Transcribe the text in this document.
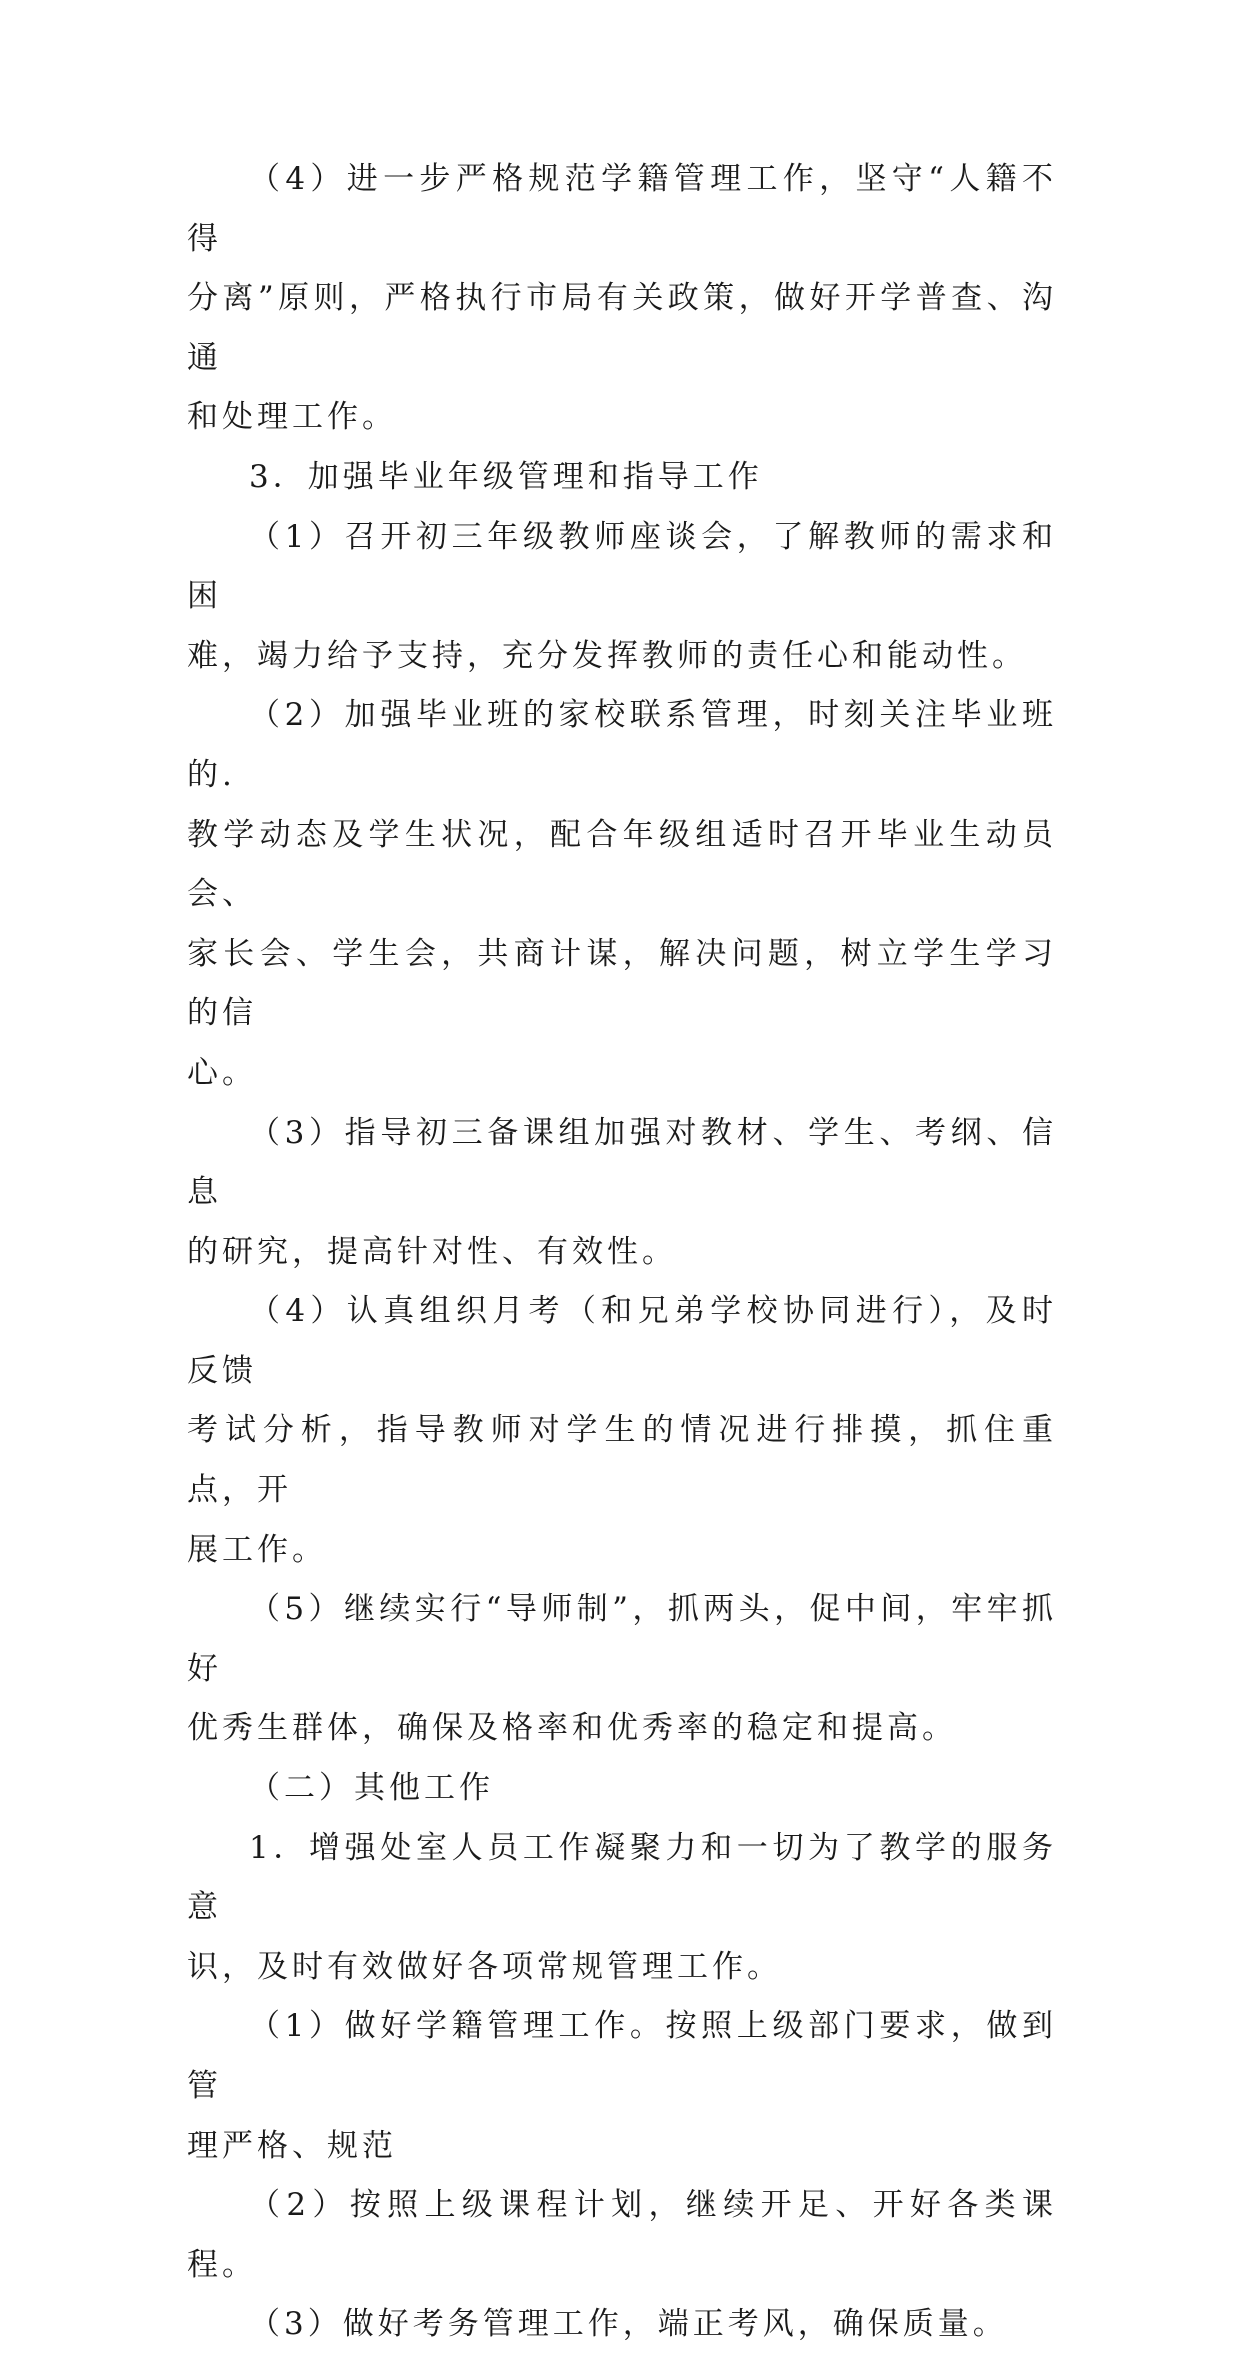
（4）进一步严格规范学籍管理工作，坚守“人籍不得
分离”原则，严格执行市局有关政策，做好开学普查、沟通
和处理工作。

3．加强毕业年级管理和指导工作

（1）召开初三年级教师座谈会，了解教师的需求和困
难，竭力给予支持，充分发挥教师的责任心和能动性。

（2）加强毕业班的家校联系管理，时刻关注毕业班的.
教学动态及学生状况，配合年级组适时召开毕业生动员会、
家长会、学生会，共商计谋，解决问题，树立学生学习的信
心。

（3）指导初三备课组加强对教材、学生、考纲、信息
的研究，提高针对性、有效性。

（4）认真组织月考（和兄弟学校协同进行），及时反馈
考试分析，指导教师对学生的情况进行排摸，抓住重点，开
展工作。

（5）继续实行“导师制”，抓两头，促中间，牢牢抓好
优秀生群体，确保及格率和优秀率的稳定和提高。

（二）其他工作

1．增强处室人员工作凝聚力和一切为了教学的服务意
识，及时有效做好各项常规管理工作。

（1）做好学籍管理工作。按照上级部门要求，做到管
理严格、规范

（2）按照上级课程计划，继续开足、开好各类课程。

（3）做好考务管理工作，端正考风，确保质量。
